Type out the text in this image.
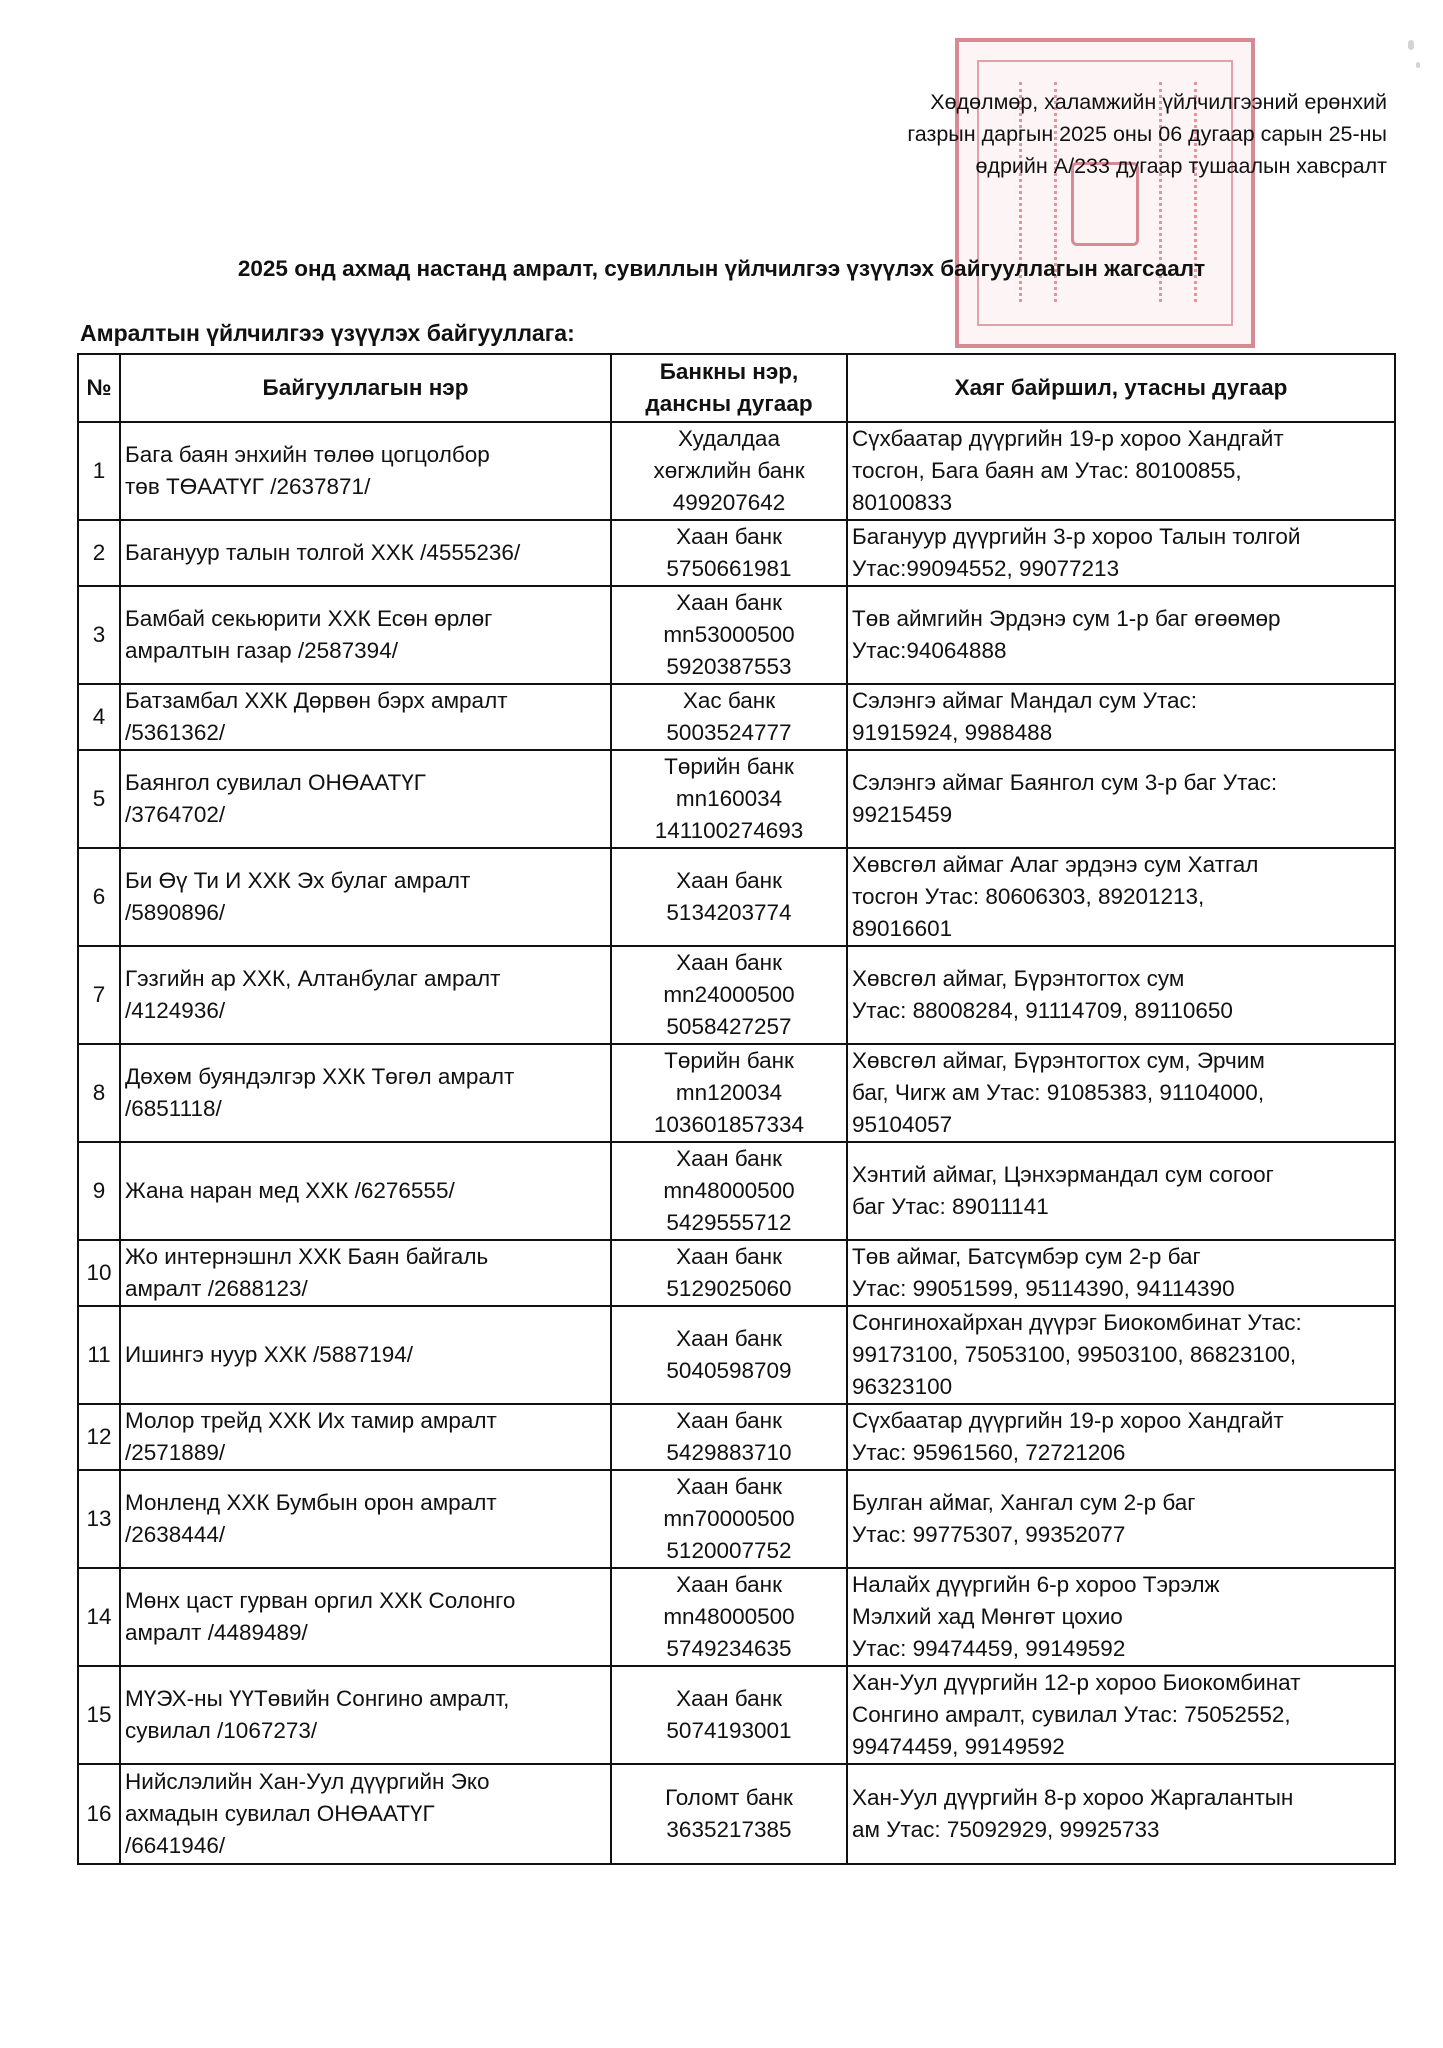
Хөдөлмөр, халамжийн үйлчилгээний ерөнхий
газрын даргын 2025 оны 06 дугаар сарын 25-ны
өдрийн А/233 дугаар тушаалын хавсралт
2025 онд ахмад настанд амралт, сувиллын үйлчилгээ үзүүлэх байгууллагын жагсаалт
Амралтын үйлчилгээ үзүүлэх байгууллага:
№	Байгууллагын нэр	Банкны нэр,
дансны дугаар	Хаяг байршил, утасны дугаар
1	Бага баян энхийн төлөө цогцолбор
төв ТӨААТҮГ /2637871/	Худалдаа
хөгжлийн банк
499207642	Сүхбаатар дүүргийн 19-р хороо Хандгайт
тосгон, Бага баян ам Утас: 80100855,
80100833

2	Багануур талын толгой ХХК /4555236/	Хаан банк
5750661981	Багануур дүүргийн 3-р хороо Талын толгой
Утас:99094552, 99077213

3	Бамбай секьюрити ХХК Есөн өрлөг
амралтын газар /2587394/	Хаан банк
mn53000500
5920387553	Төв аймгийн Эрдэнэ сум 1-р баг өгөөмөр
Утас:94064888

4	Батзамбал ХХК Дөрвөн бэрх амралт
/5361362/	Хас банк
5003524777	Сэлэнгэ аймаг Мандал сум Утас:
91915924, 9988488

5	Баянгол сувилал ОНӨААТҮГ
/3764702/	Төрийн банк
mn160034
141100274693	Сэлэнгэ аймаг Баянгол сум 3-р баг Утас:
99215459

6	Би Өү Ти И ХХК Эх булаг амралт
/5890896/	Хаан банк
5134203774	Хөвсгөл аймаг Алаг эрдэнэ сум Хатгал
тосгон Утас: 80606303, 89201213,
89016601

7	Гэзгийн ар ХХК, Алтанбулаг амралт
/4124936/	Хаан банк
mn24000500
5058427257	Хөвсгөл аймаг, Бүрэнтогтох сум
Утас: 88008284, 91114709, 89110650

8	Дөхөм буяндэлгэр ХХК Төгөл амралт
/6851118/	Төрийн банк
mn120034
103601857334	Хөвсгөл аймаг, Бүрэнтогтох сум, Эрчим
баг, Чигж ам Утас: 91085383, 91104000,
95104057

9	Жана наран мед ХХК /6276555/	Хаан банк
mn48000500
5429555712	Хэнтий аймаг, Цэнхэрмандал сум согоог
баг Утас: 89011141

10	Жо интернэшнл ХХК Баян байгаль
амралт /2688123/	Хаан банк
5129025060	Төв аймаг, Батсүмбэр сум 2-р баг
Утас: 99051599, 95114390, 94114390

11	Ишингэ нуур ХХК /5887194/	Хаан банк
5040598709	Сонгинохайрхан дүүрэг Биокомбинат Утас:
99173100, 75053100, 99503100, 86823100,
96323100

12	Молор трейд ХХК Их тамир амралт
/2571889/	Хаан банк
5429883710	Сүхбаатар дүүргийн 19-р хороо Хандгайт
Утас: 95961560, 72721206

13	Монленд ХХК Бумбын орон амралт
/2638444/	Хаан банк
mn70000500
5120007752	Булган аймаг, Хангал сум 2-р баг
Утас: 99775307, 99352077

14	Мөнх цаст гурван оргил ХХК Солонго
амралт /4489489/	Хаан банк
mn48000500
5749234635	Налайх дүүргийн 6-р хороо Тэрэлж
Мэлхий хад Мөнгөт цохио
Утас: 99474459, 99149592

15	МҮЭХ-ны ҮҮТөвийн Сонгино амралт,
сувилал /1067273/	Хаан банк
5074193001	Хан-Уул дүүргийн 12-р хороо Биокомбинат
Сонгино амралт, сувилал Утас: 75052552,
99474459, 99149592

16	Нийслэлийн Хан-Уул дүүргийн Эко
ахмадын сувилал ОНӨААТҮГ
/6641946/	Голомт банк
3635217385	Хан-Уул дүүргийн 8-р хороо Жаргалантын
ам Утас: 75092929, 99925733
